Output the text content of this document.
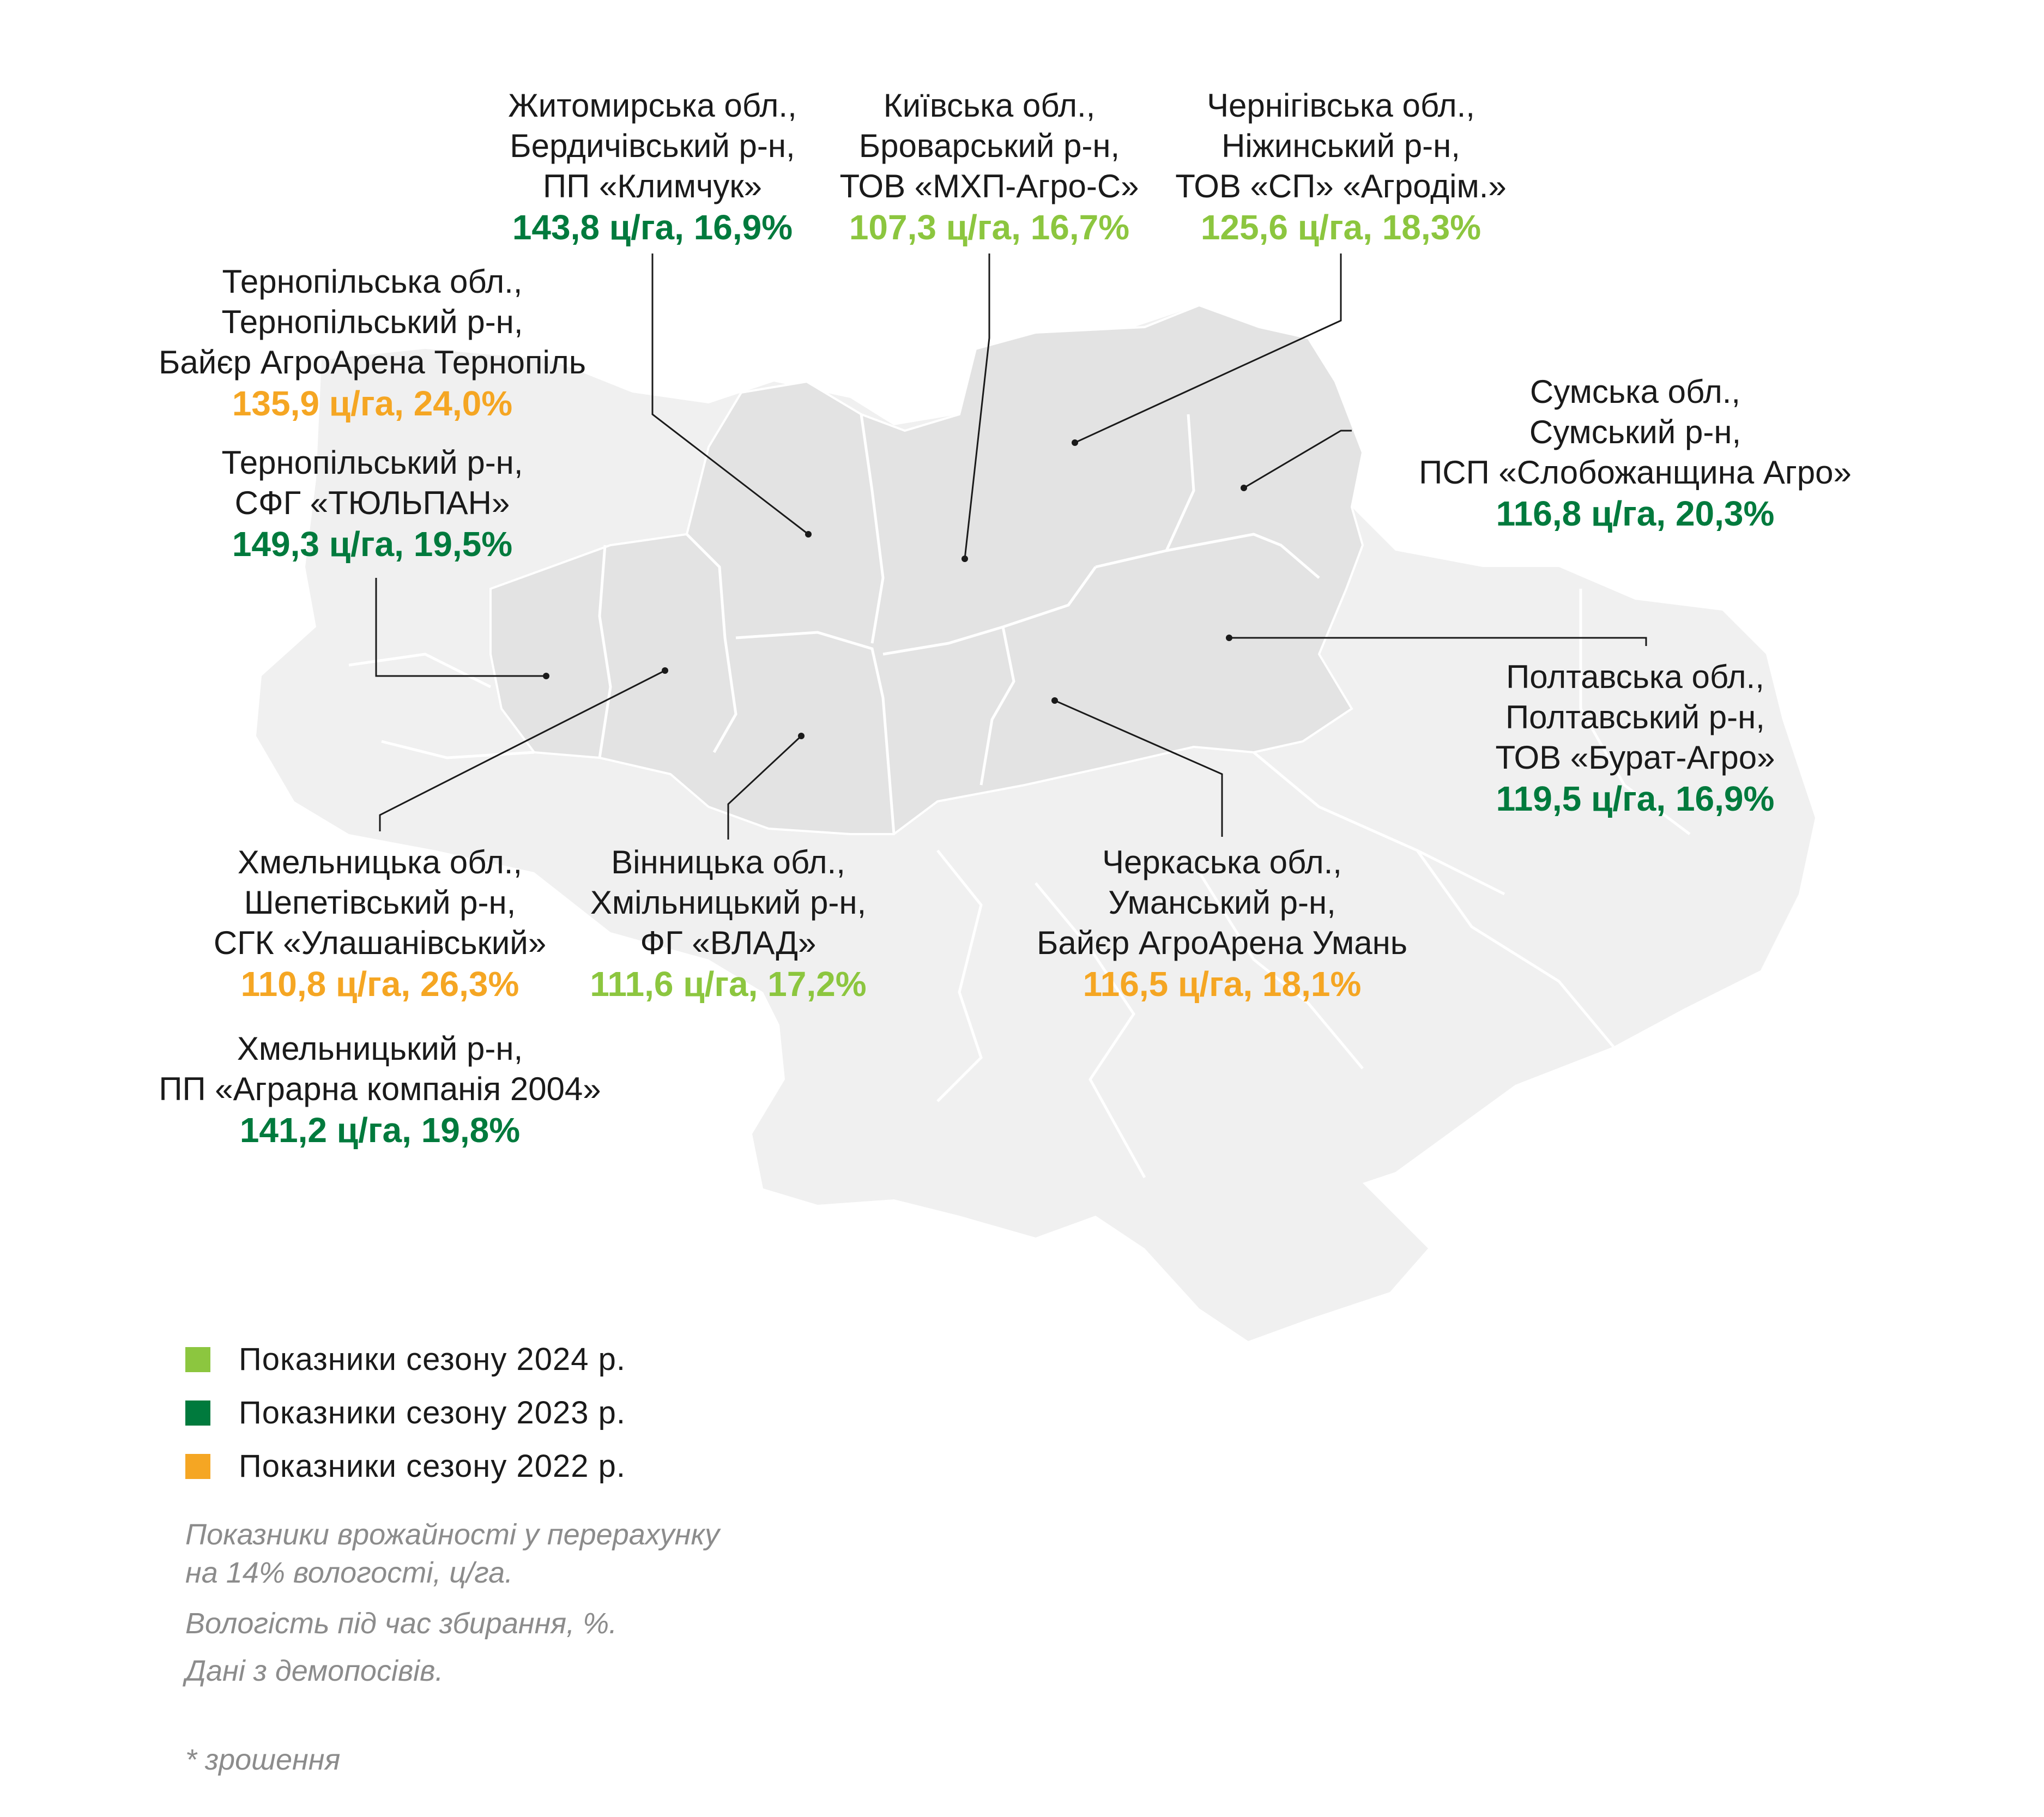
Житомирська обл.,
Бердичівський р-н,
ПП «Климчук»
143,8 ц/га, 16,9%
Київська обл.,
Броварський р-н,
ТОВ «МХП-Агро-С»
107,3 ц/га, 16,7%
Чернігівська обл.,
Ніжинський р-н,
ТОВ «СП» «Агродім.»
125,6 ц/га, 18,3%
Тернопільська обл.,
Тернопільський р-н,
Байєр АгроАрена Тернопіль
135,9 ц/га, 24,0%
Тернопільський р-н,
СФГ «ТЮЛЬПАН»
149,3 ц/га, 19,5%
Сумська обл.,
Сумський р-н,
ПСП «Слобожанщина Агро»
116,8 ц/га, 20,3%
Полтавська обл.,
Полтавський р-н,
ТОВ «Бурат-Агро»
119,5 ц/га, 16,9%
Хмельницька обл.,
Шепетівський р-н,
СГК «Улашанівський»
110,8 ц/га, 26,3%
Вінницька обл.,
Хмільницький р-н,
ФГ «ВЛАД»
111,6 ц/га, 17,2%
Черкаська обл.,
Уманський р-н,
Байєр АгроАрена Умань
116,5 ц/га, 18,1%
Хмельницький р-н,
ПП «Аграрна компанія 2004»
141,2 ц/га, 19,8%
Показники сезону 2024 р.
Показники сезону 2023 р.
Показники сезону 2022 р.
Показники врожайності у перерахунку
на 14% вологості, ц/га.
Вологість під час збирання, %.
Дані з демопосівів.
* зрошення
